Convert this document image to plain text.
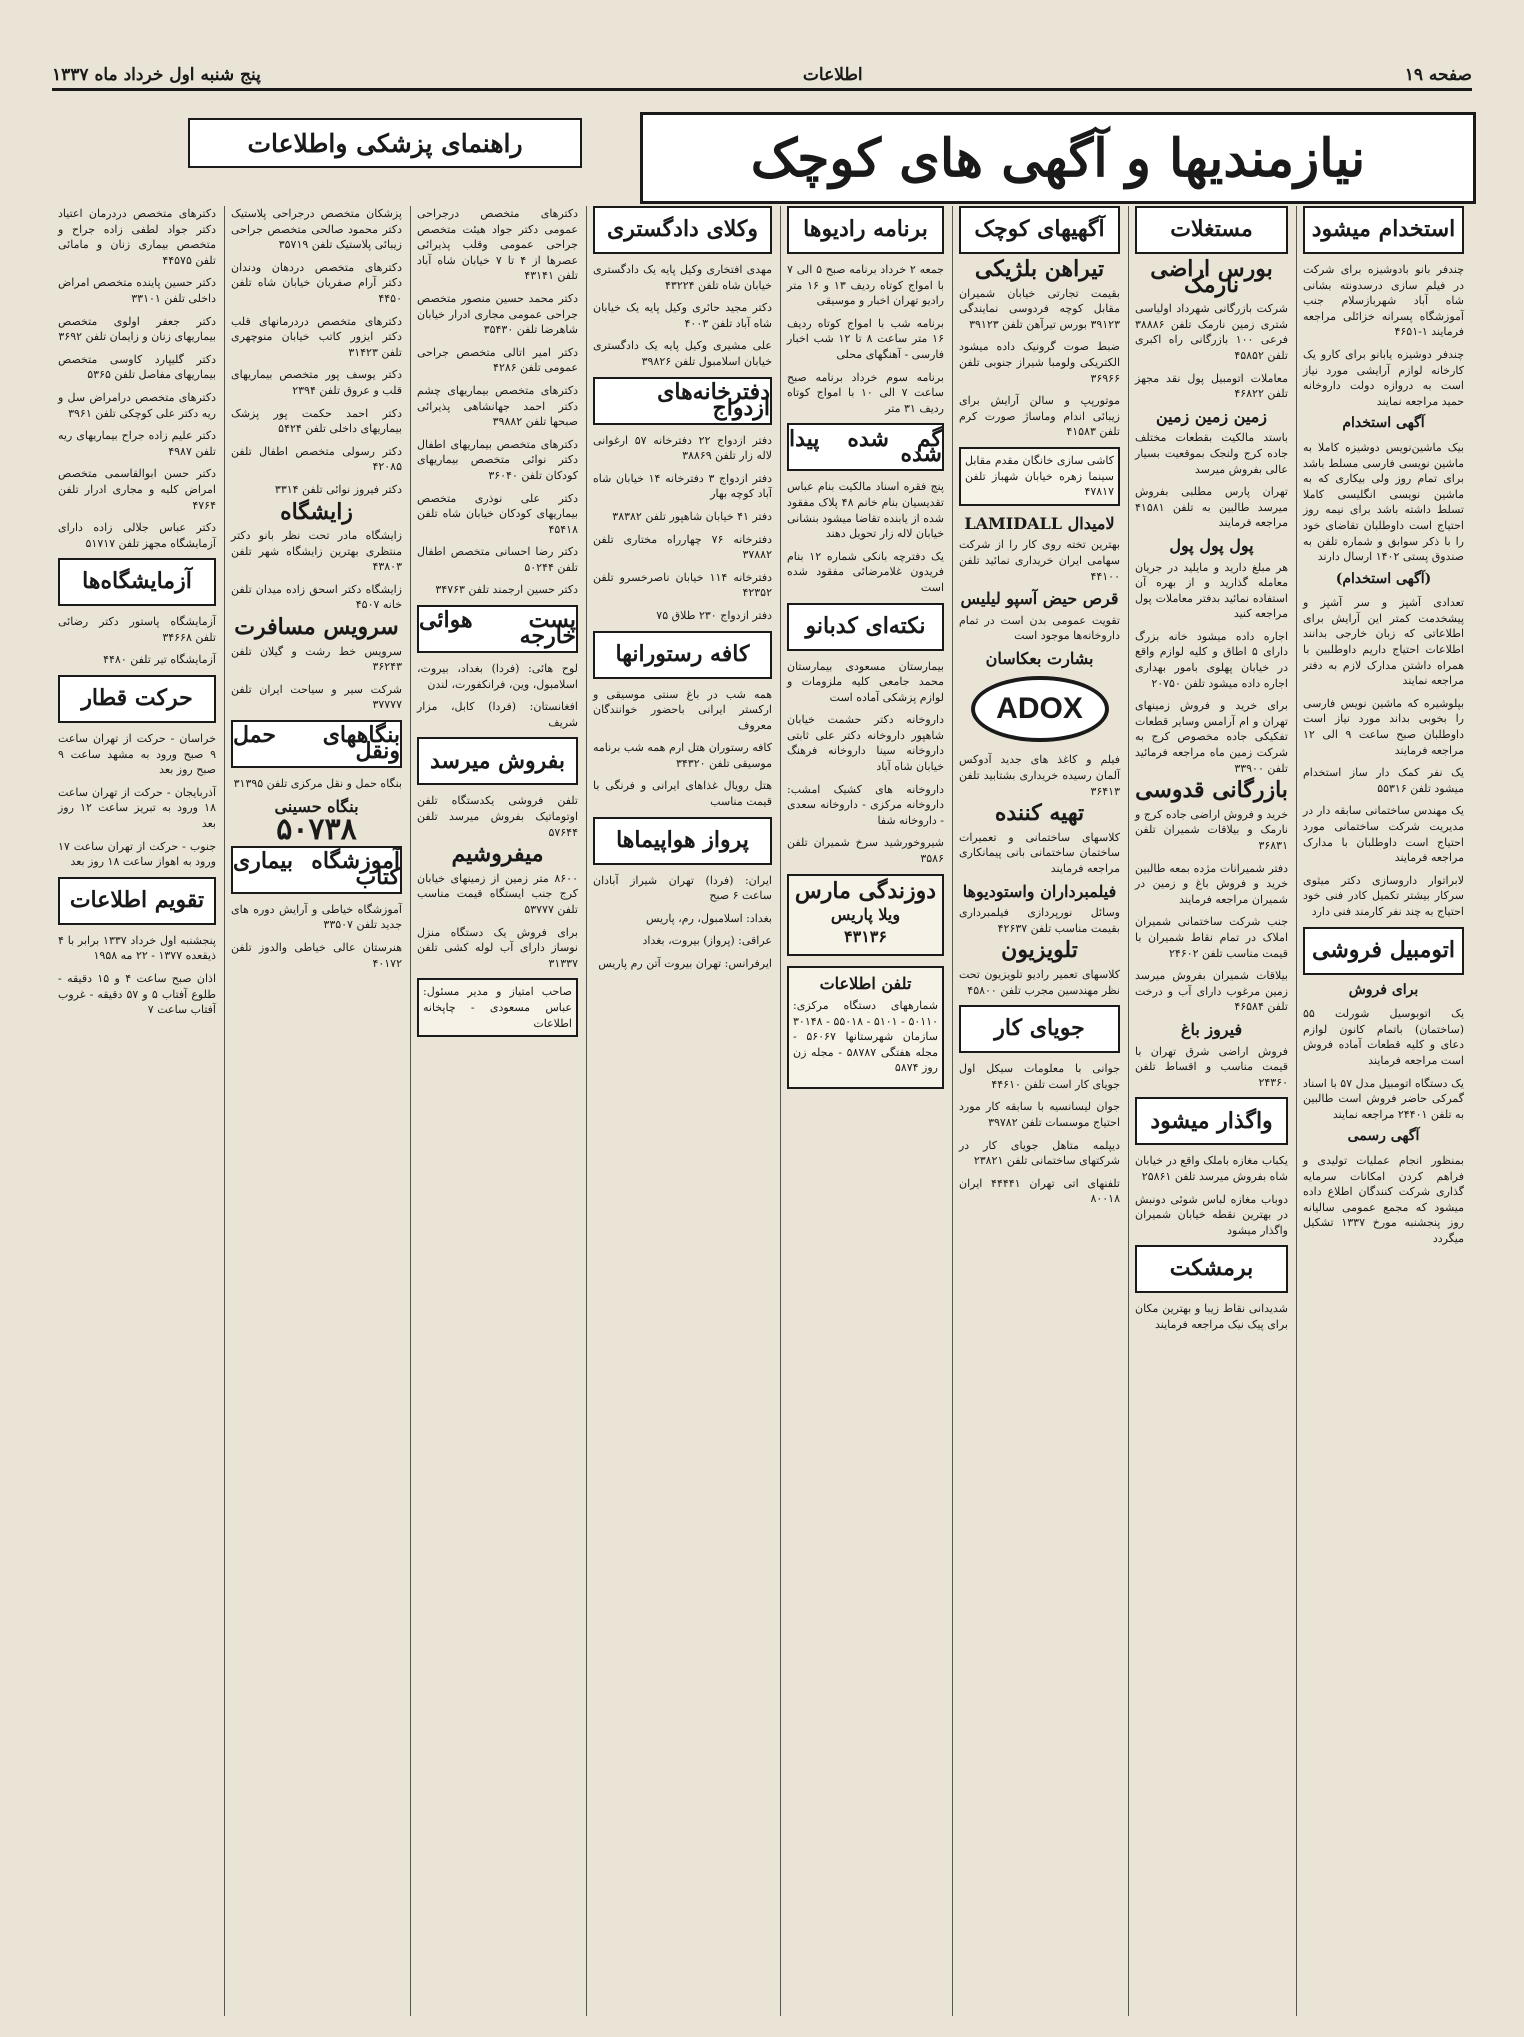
صفحه ۱۹
اطلاعات
پنج شنبه اول خرداد ماه ۱۳۳۷
نیازمندیها و آگهی های کوچک
راهنمای پزشکی واطلاعات
استخدام میشود

چندفر بانو بادوشیزه برای شرکت در فیلم سازی درسدونته بشانی شاه آباد شهربازسلام جنب آموزشگاه پسرانه خزائلی مراجعه فرمایند ۱-۴۶۵۱

چندفر دوشیزه یابانو برای کارو یک کارخانه لوازم آرایشی مورد نیاز است به دروازه دولت داروخانه حمید مراجعه نمایند

آگهی استخدام

بیک ماشین‌نویس دوشیزه کاملا به ماشین نویسی فارسی مسلط باشد برای تمام روز ولی بیکاری که به ماشین نویسی انگلیسی کاملا تسلط داشته باشد برای نیمه روز احتیاج است داوطلبان تقاضای خود را با ذکر سوابق و شماره تلفن به صندوق پستی ۱۴۰۲ ارسال دارند

(آگهی استخدام)

تعدادی آشپز و سر آشپز و پیشخدمت کمتر این آرایش برای اطلاعاتی که زبان خارجی بدانند اطلاعات احتیاج داریم داوطلبین با همراه داشتن مدارک لازم به دفتر مراجعه نمایند

بپلوشیره که ماشین نویس فارسی را بخوبی بداند مورد نیاز است داوطلبان صبح ساعت ۹ الی ۱۲ مراجعه فرمایند

یک نفر کمک دار ساز استخدام میشود تلفن ۵۵۳۱۶

یک مهندس ساختمانی سابقه دار در مدیریت شرکت ساختمانی مورد احتیاج است داوطلبان با مدارک مراجعه فرمایند

لابراتوار داروسازی دکتر میثوی سرکار بیشتر تکمیل کادر فنی خود احتیاج به چند نفر کارمند فنی دارد

اتومبیل فروشی
برای فروش

یک اتوبوسیل شورلت ۵۵ (ساختمان) باتمام کانون لوازم دعای و کلیه قطعات آماده فروش است مراجعه فرمایند

یک دستگاه اتومبیل مدل ۵۷ با اسناد گمرکی حاضر فروش است طالبین به تلفن ۲۴۴۰۱ مراجعه نمایند

آگهی رسمی

بمنظور انجام عملیات تولیدی و فراهم کردن امکانات سرمایه گذاری شرکت کنندگان اطلاع داده میشود که مجمع عمومی سالیانه روز پنجشنبه مورخ ۱۳۳۷ تشکیل میگردد

مستغلات
بورس اراضی نارمک

شرکت بازرگانی شهرداد اولیاسی شتری زمین نارمک تلفن ۳۸۸۸۶ فرعی ۱۰۰ بازرگانی راه اکبری تلفن ۴۵۸۵۲

معاملات اتومبیل پول نقد مجهز تلفن ۴۶۸۲۲

زمین زمین زمین

باستد مالکیت بقطعات مختلف جاده کرج ولنجک بموقعیت بسیار عالی بفروش میرسد

تهران پارس مطلبی بفروش میرسد طالبین به تلفن ۴۱۵۸۱ مراجعه فرمایند

پول پول پول

هر مبلغ دارید و مایلید در جریان معامله گذارید و از بهره آن استفاده نمائید بدفتر معاملات پول مراجعه کنید

اجاره داده میشود خانه بزرگ دارای ۵ اطاق و کلیه لوازم واقع در خیابان پهلوی بامور بهداری اجاره داده میشود تلفن ۲۰۷۵۰

برای خرید و فروش زمینهای تهران و ام آرامس وسایر قطعات تفکیکی جاده مخصوص کرج به شرکت زمین ماه مراجعه فرمائید تلفن ۳۳۹۰۰

بازرگانی قدوسی

خرید و فروش اراضی جاده کرج و نارمک و بیلاقات شمیران تلفن ۳۶۸۳۱

دفتر شمیرانات مژده بمعه طالبین خرید و فروش باغ و زمین در شمیران مراجعه فرمایند

جنب شرکت ساختمانی شمیران املاک در تمام نقاط شمیران با قیمت مناسب تلفن ۲۴۶۰۲

بیلاقات شمیران بفروش میرسد زمین مرغوب دارای آب و درخت تلفن ۴۶۵۸۴

فیروز باغ

فروش اراضی شرق تهران با قیمت مناسب و اقساط تلفن ۲۴۳۶۰

واگذار میشود

یکباب مغازه باملک واقع در خیابان شاه بفروش میرسد تلفن ۲۵۸۶۱

دوباب مغازه لباس شوئی دونبش در بهترین نقطه خیابان شمیران واگذار میشود

برمشکت

شدیدانی نقاط زیبا و بهترین مکان برای پیک نیک مراجعه فرمایند

آگهیهای کوچک
تیراهن بلژیکی

بقیمت تجارتی خیابان شمیران مقابل کوچه فردوسی نمایندگی ۳۹۱۲۳ بورس تیرآهن تلفن ۳۹۱۲۳

ضبط صوت گرونیک داده میشود الکتریکی ولومبا شیراز جنوبی تلفن ۳۶۹۶۶

موتورپپ و سالن آرایش برای زیبائی اندام وماساژ صورت کرم تلفن ۴۱۵۸۳

کاشی سازی خانگان مقدم مقابل سینما زهره خیابان شهباز تلفن ۴۷۸۱۷
لامیدال LAMIDALL

بهترین تخته روی کار را از شرکت سهامی ایران خریداری نمائید تلفن ۴۴۱۰۰

قرص حیض آسپو لیلیس

تقویت عمومی بدن است در تمام داروخانه‌ها موجود است

بشارت بعکاسان
ADOX

فیلم و کاغذ های جدید آدوکس آلمان رسیده خریداری بشتابید تلفن ۳۶۴۱۳

تهیه کننده

کلاسهای ساختمانی و تعمیرات ساختمان ساختمانی بانی پیمانکاری مراجعه فرمایند

فیلمبرداران واستودیوها

وسائل نورپردازی فیلمبرداری بقیمت مناسب تلفن ۴۲۶۳۷

تلویزیون

کلاسهای تعمیر رادیو تلویزیون تحت نظر مهندسین مجرب تلفن ۴۵۸۰۰

جویای کار

جوانی با معلومات سیکل اول جویای کار است تلفن ۴۴۶۱۰

جوان لیسانسیه با سابقه کار مورد احتیاج موسسات تلفن ۳۹۷۸۲

دیپلمه متاهل جویای کار در شرکتهای ساختمانی تلفن ۲۳۸۲۱

تلفنهای اتی تهران ۴۴۴۴۱ ایران ۸۰۰۱۸

برنامه رادیو‌ها

جمعه ۲ خرداد برنامه صبح ۵ الی ۷ با امواج کوتاه ردیف ۱۳ و ۱۶ متر رادیو تهران اخبار و موسیقی

برنامه شب با امواج کوتاه ردیف ۱۶ متر ساعت ۸ تا ۱۲ شب اخبار فارسی - آهنگهای محلی

برنامه سوم خرداد برنامه صبح ساعت ۷ الی ۱۰ با امواج کوتاه ردیف ۳۱ متر

گم شده پیدا شده

پنج فقره اسناد مالکیت بنام عباس تقدیسیان بنام خانم ۴۸ پلاک مفقود شده از یابنده تقاضا میشود بنشانی خیابان لاله زار تحویل دهند

یک دفترچه بانکی شماره ۱۲ بنام فریدون غلامرضائی مفقود شده است

نکته‌ای کدبانو

بیمارستان مسعودی بیمارستان محمد جامعی کلیه ملزومات و لوازم پزشکی آماده است

داروخانه دکتر حشمت خیابان شاهپور داروخانه دکتر علی ثابتی داروخانه سینا داروخانه فرهنگ خیابان شاه آباد

داروخانه های کشیک امشب: داروخانه مرکزی - داروخانه سعدی - داروخانه شفا

شیروخورشید سرخ شمیران تلفن ۳۵۸۶

دوزندگی مارس
ویلا پاریس
۴۳۱۳۶
تلفن اطلاعات

شمارههای دستگاه مرکزی: ۵۰۱۱۰ - ۵۱۰۱ - ۵۵۰۱۸ - ۳۰۱۴۸ سازمان شهرستانها ۵۶۰۶۷ - مجله هفتگی ۵۸۷۸۷ - مجله زن روز ۵۸۷۴

وکلای دادگستری

مهدی افتخاری وکیل پایه یک دادگستری خیابان شاه تلفن ۴۳۲۲۴

دکتر مجید حائری وکیل پایه یک خیابان شاه آباد تلفن ۴۰۰۳

علی مشیری وکیل پایه یک دادگستری خیابان اسلامبول تلفن ۳۹۸۲۶

دفترخانه‌های ازدواج

دفتر ازدواج ۲۲ دفترخانه ۵۷ ارغوانی لاله زار تلفن ۳۸۸۶۹

دفتر ازدواج ۳ دفترخانه ۱۴ خیابان شاه آباد کوچه بهار

دفتر ۴۱ خیابان شاهپور تلفن ۳۸۳۸۲

دفترخانه ۷۶ چهارراه مختاری تلفن ۳۷۸۸۲

دفترخانه ۱۱۴ خیابان ناصرخسرو تلفن ۴۲۳۵۲

دفتر ازدواج ۲۳۰ طلاق ۷۵

کافه رستورانها

همه شب در باغ سنتی موسیقی و ارکستر ایرانی باحضور خوانندگان معروف

کافه رستوران هتل ارم همه شب برنامه موسیقی تلفن ۳۴۳۲۰

هتل رویال غذاهای ایرانی و فرنگی با قیمت مناسب

پرواز هواپیماها

ایران: (فردا) تهران شیراز آبادان ساعت ۶ صبح

بغداد: اسلامبول، رم، پاریس

عراقی: (پرواز) بیروت، بغداد

ایرفرانس: تهران بیروت آتن رم پاریس

دکترهای متخصص درجراحی عمومی دکتر جواد هیئت متخصص جراحی عمومی وقلب پذیرائی عصرها از ۴ تا ۷ خیابان شاه آباد تلفن ۴۳۱۴۱

دکتر محمد حسین منصور متخصص جراحی عمومی مجاری ادرار خیابان شاهرضا تلفن ۳۵۴۳۰

دکتر امیر اتالی متخصص جراحی عمومی تلفن ۴۲۸۶

دکترهای متخصص بیماریهای چشم دکتر احمد جهانشاهی پذیرائی صبحها تلفن ۳۹۸۸۲

دکترهای متخصص بیماریهای اطفال دکتر نوائی متخصص بیماریهای کودکان تلفن ۳۶۰۴۰

دکتر علی نوذری متخصص بیماریهای کودکان خیابان شاه تلفن ۴۵۴۱۸

دکتر رضا احسانی متخصص اطفال تلفن ۵۰۲۴۴

دکتر حسین ارجمند تلفن ۳۴۷۶۳

پست هوائی خارجه

لوح هائی: (فردا) بغداد، بیروت، اسلامبول، وین، فرانکفورت، لندن

افغانستان: (فردا) کابل، مزار شریف

بفروش میرسد

تلفن فروشی یکدستگاه تلفن اوتوماتیک بفروش میرسد تلفن ۵۷۶۴۴

میفروشیم

۸۶۰۰ متر زمین از زمینهای خیابان کرج جنب ایستگاه قیمت مناسب تلفن ۵۳۷۷۷

برای فروش یک دستگاه منزل نوساز دارای آب لوله کشی تلفن ۳۱۳۳۷

صاحب امتیاز و مدیر مسئول: عباس مسعودی - چاپخانه اطلاعات

پزشکان متخصص درجراحی پلاستیک دکتر محمود صالحی متخصص جراحی زیبائی پلاستیک تلفن ۳۵۷۱۹

دکترهای متخصص دردهان ودندان دکتر آرام صفریان خیابان شاه تلفن ۴۴۵۰

دکترهای متخصص دردرمانهای قلب دکتر ایزور کاتب خیابان منوچهری تلفن ۳۱۴۲۳

دکتر یوسف پور متخصص بیماریهای قلب و عروق تلفن ۲۳۹۴

دکتر احمد حکمت پور پزشک بیماریهای داخلی تلفن ۵۴۲۴

دکتر رسولی متخصص اطفال تلفن ۴۲۰۸۵

دکتر فیروز نوائی تلفن ۳۳۱۴

زایشگاه

زایشگاه مادر تحت نظر بانو دکتر منتظری بهترین زایشگاه شهر تلفن ۴۳۸۰۳

زایشگاه دکتر اسحق زاده میدان تلفن خانه ۴۵۰۷

سرویس مسافرت

سرویس خط رشت و گیلان تلفن ۳۶۲۴۳

شرکت سیر و سیاحت ایران تلفن ۳۷۷۷۷

بنگاههای حمل ونقل

بنگاه حمل و نقل مرکزی تلفن ۳۱۳۹۵

بنگاه حسینی
۵۰۷۳۸
آموزشگاه بیماری کتاب

آموزشگاه خیاطی و آرایش دوره های جدید تلفن ۳۳۵۰۷

هنرستان عالی خیاطی والدوز تلفن ۴۰۱۷۲

دکترهای متخصص دردرمان اعتیاد دکتر جواد لطفی زاده جراح و متخصص بیماری زنان و مامائی تلفن ۴۴۵۷۵

دکتر حسین پاینده متخصص امراض داخلی تلفن ۳۳۱۰۱

دکتر جعفر اولوی متخصص بیماریهای زنان و زایمان تلفن ۳۶۹۲

دکتر گلیپارد کاوسی متخصص بیماریهای مفاصل تلفن ۵۳۶۵

دکترهای متخصص درامراض سل و ریه دکتر علی کوچکی تلفن ۳۹۶۱

دکتر علیم زاده جراح بیماریهای ریه تلفن ۴۹۸۷

دکتر حسن ابوالقاسمی متخصص امراض کلیه و مجاری ادرار تلفن ۴۷۶۴

دکتر عباس جلالی زاده دارای آزمایشگاه مجهز تلفن ۵۱۷۱۷

آزمایشگاه‌ها

آزمایشگاه پاستور دکتر رضائی تلفن ۳۴۶۶۸

آزمایشگاه تیر تلفن ۴۴۸۰

حرکت قطار

خراسان - حرکت از تهران ساعت ۹ صبح ورود به مشهد ساعت ۹ صبح روز بعد

آذربایجان - حرکت از تهران ساعت ۱۸ ورود به تبریز ساعت ۱۲ روز بعد

جنوب - حرکت از تهران ساعت ۱۷ ورود به اهواز ساعت ۱۸ روز بعد

تقویم اطلاعات

پنجشنبه اول خرداد ۱۳۳۷ برابر با ۴ ذیقعده ۱۳۷۷ - ۲۲ مه ۱۹۵۸

اذان صبح ساعت ۴ و ۱۵ دقیقه - طلوع آفتاب ۵ و ۵۷ دقیقه - غروب آفتاب ساعت ۷
